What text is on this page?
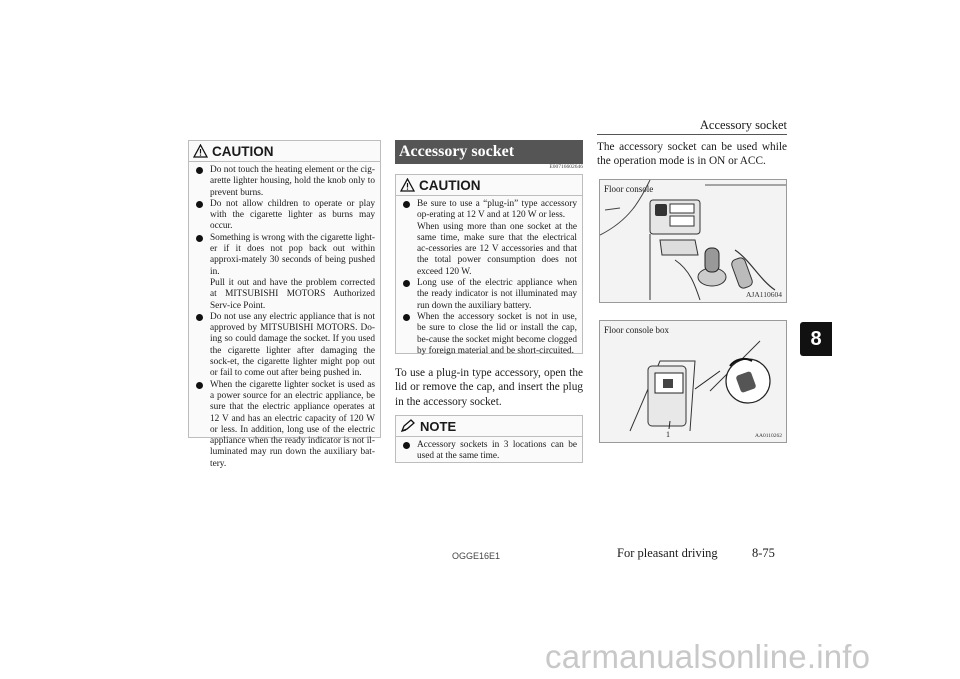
Accessory socket
8
CAUTION
Do not touch the heating element or the cig-arette lighter housing, hold the knob only to prevent burns.
Do not allow children to operate or play with the cigarette lighter as burns may occur.
Something is wrong with the cigarette light-er if it does not pop back out within approxi-mately 30 seconds of being pushed in.
Pull it out and have the problem corrected at MITSUBISHI MOTORS Authorized Serv-ice Point.
Do not use any electric appliance that is not approved by MITSUBISHI MOTORS. Do-ing so could damage the socket. If you used the cigarette lighter after damaging the sock-et, the cigarette lighter might pop out or fail to come out after being pushed in.
When the cigarette lighter socket is used as a power source for an electric appliance, be sure that the electric appliance operates at 12 V and has an electric capacity of 120 W or less. In addition, long use of the electric appliance when the ready indicator is not il-luminated may run down the auxiliary bat-tery.
Accessory socket
E00716602646
CAUTION
Be sure to use a “plug-in” type accessory op-erating at 12 V and at 120 W or less.
When using more than one socket at the same time, make sure that the electrical ac-cessories are 12 V accessories and that the total power consumption does not exceed 120 W.
Long use of the electric appliance when the ready indicator is not illuminated may run down the auxiliary battery.
When the accessory socket is not in use, be sure to close the lid or install the cap, be-cause the socket might become clogged by foreign material and be short-circuited.
To use a plug-in type accessory, open the lid or remove the cap, and insert the plug in the accessory socket.
NOTE
Accessory sockets in 3 locations can be used at the same time.
The accessory socket can be used while the operation mode is in ON or ACC.
Floor console
AJA110604
1
Floor console box
AA0110262
OGGE16E1	For pleasant driving	8-75
carmanualsonline.info
